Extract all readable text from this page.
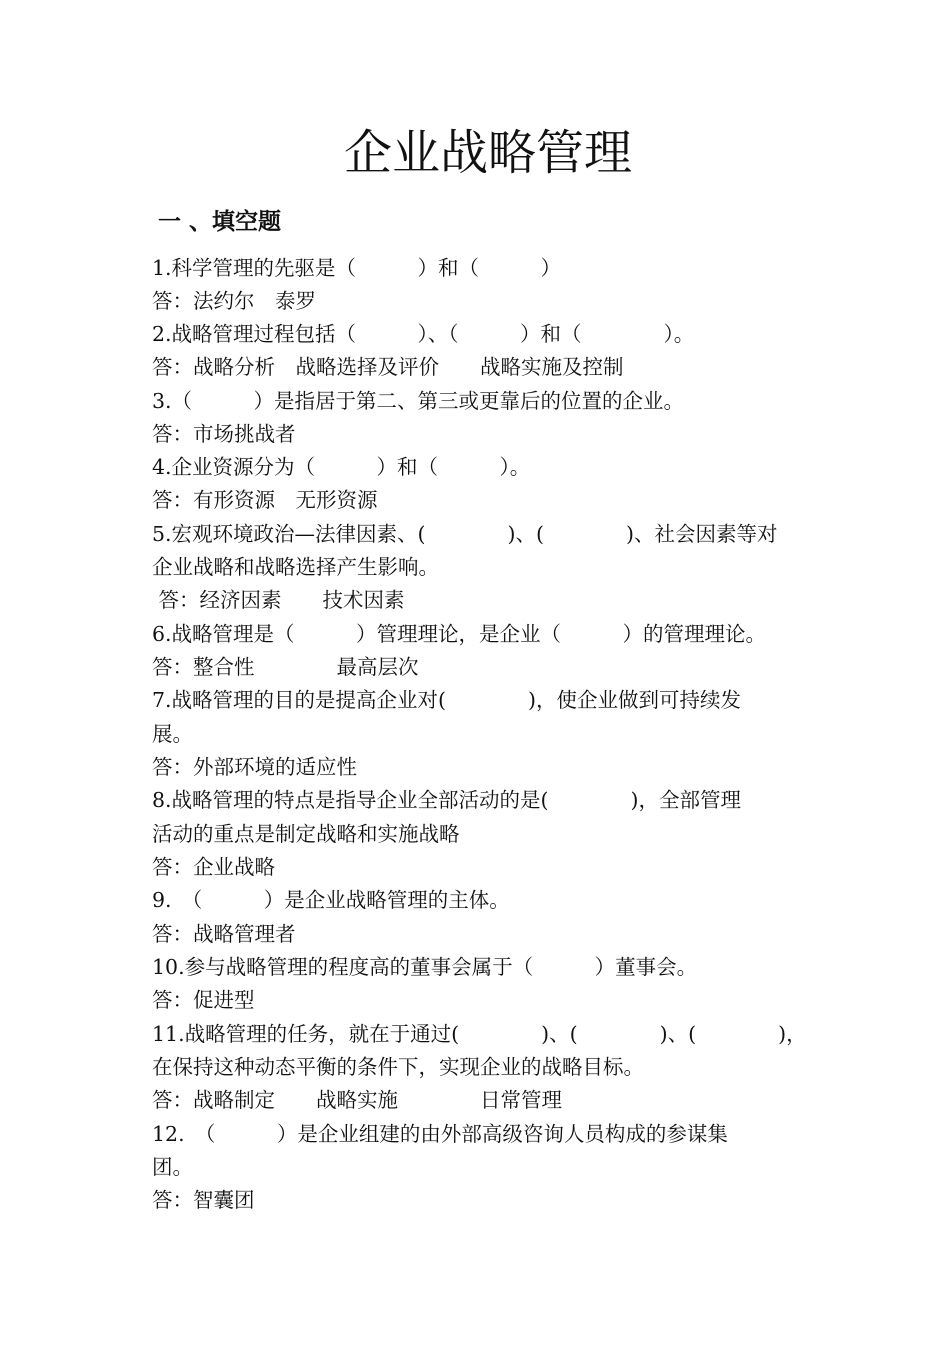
企业战略管理
一 、填空题

1.科学管理的先驱是（　　　）和（　　　）

答：法约尔　泰罗

2.战略管理过程包括（　　　）、（　　　）和（　　　　）。

答：战略分析　战略选择及评价　　战略实施及控制

3.（　　　）是指居于第二、第三或更靠后的位置的企业。

答：市场挑战者

4.企业资源分为（　　　）和（　　　）。

答：有形资源　无形资源

5.宏观环境政治—法律因素、(　　　　)、(　　　　)、社会因素等对

企业战略和战略选择产生影响。

答：经济因素　　技术因素

6.战略管理是（　　　）管理理论，是企业（　　　）的管理理论。

答：整合性　　　　最高层次

7.战略管理的目的是提高企业对(　　　　)，使企业做到可持续发

展。

答：外部环境的适应性

8.战略管理的特点是指导企业全部活动的是(　　　　)，全部管理

活动的重点是制定战略和实施战略

答：企业战略

9.　（　　　）是企业战略管理的主体。

答：战略管理者

10.参与战略管理的程度高的董事会属于（　　　）董事会。

答：促进型

11.战略管理的任务，就在于通过(　　　　)、(　　　　)、(　　　　)，

在保持这种动态平衡的条件下，实现企业的战略目标。

答：战略制定　　战略实施　　　　日常管理

12.　（　　　）是企业组建的由外部高级咨询人员构成的参谋集

团。

答：智囊团
